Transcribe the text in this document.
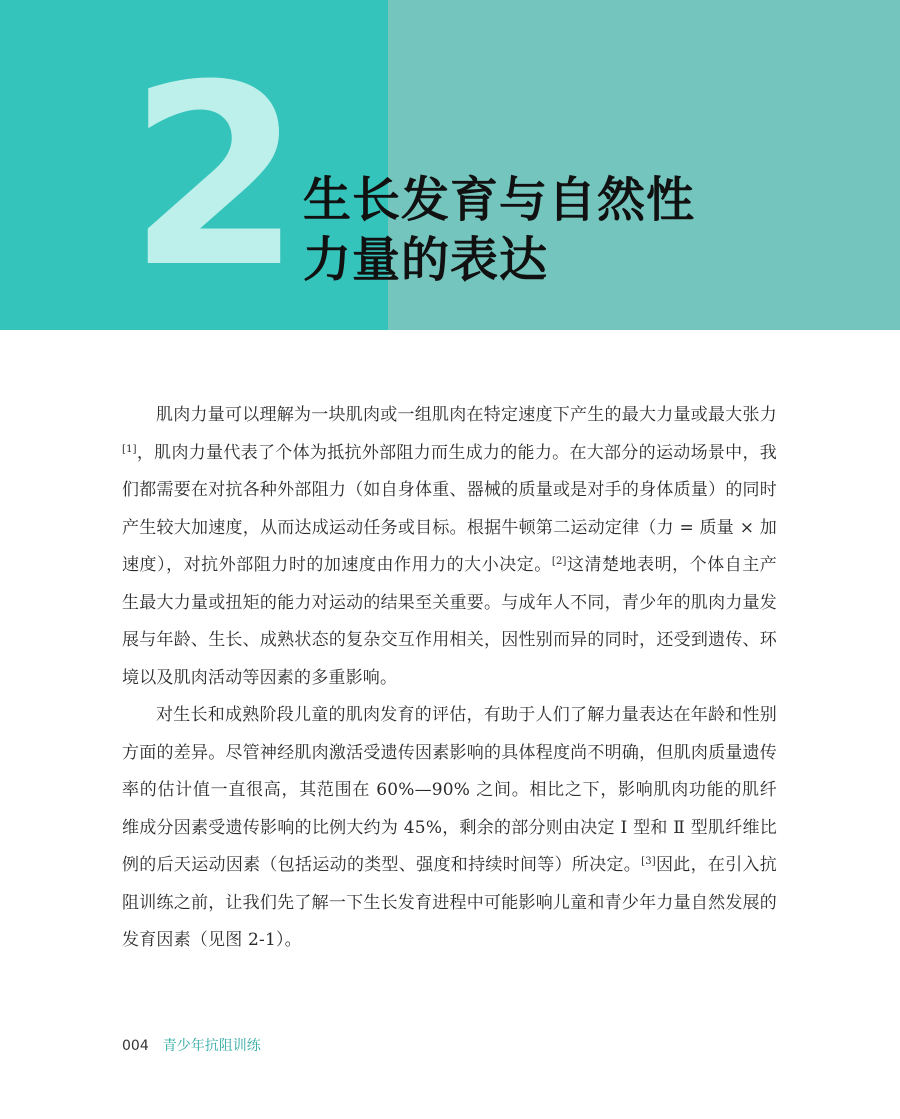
2 生长发育与自然性
力量的表达

肌肉力量可以理解为一块肌肉或一组肌肉在特定速度下产生的最大力量或最大张力[1]，肌肉力量代表了个体为抵抗外部阻力而生成力的能力。在大部分的运动场景中，我们都需要在对抗各种外部阻力（如自身体重、器械的质量或是对手的身体质量）的同时产生较大加速度，从而达成运动任务或目标。根据牛顿第二运动定律（力 = 质量 × 加速度），对抗外部阻力时的加速度由作用力的大小决定。[2]这清楚地表明，个体自主产生最大力量或扭矩的能力对运动的结果至关重要。与成年人不同，青少年的肌肉力量发展与年龄、生长、成熟状态的复杂交互作用相关，因性别而异的同时，还受到遗传、环境以及肌肉活动等因素的多重影响。

对生长和成熟阶段儿童的肌肉发育的评估，有助于人们了解力量表达在年龄和性别方面的差异。尽管神经肌肉激活受遗传因素影响的具体程度尚不明确，但肌肉质量遗传率的估计值一直很高，其范围在 60%—90% 之间。相比之下，影响肌肉功能的肌纤维成分因素受遗传影响的比例大约为 45%，剩余的部分则由决定 Ⅰ 型和 Ⅱ 型肌纤维比例的后天运动因素（包括运动的类型、强度和持续时间等）所决定。[3]因此，在引入抗阻训练之前，让我们先了解一下生长发育进程中可能影响儿童和青少年力量自然发展的发育因素（见图 2-1）。

004 青少年抗阻训练
